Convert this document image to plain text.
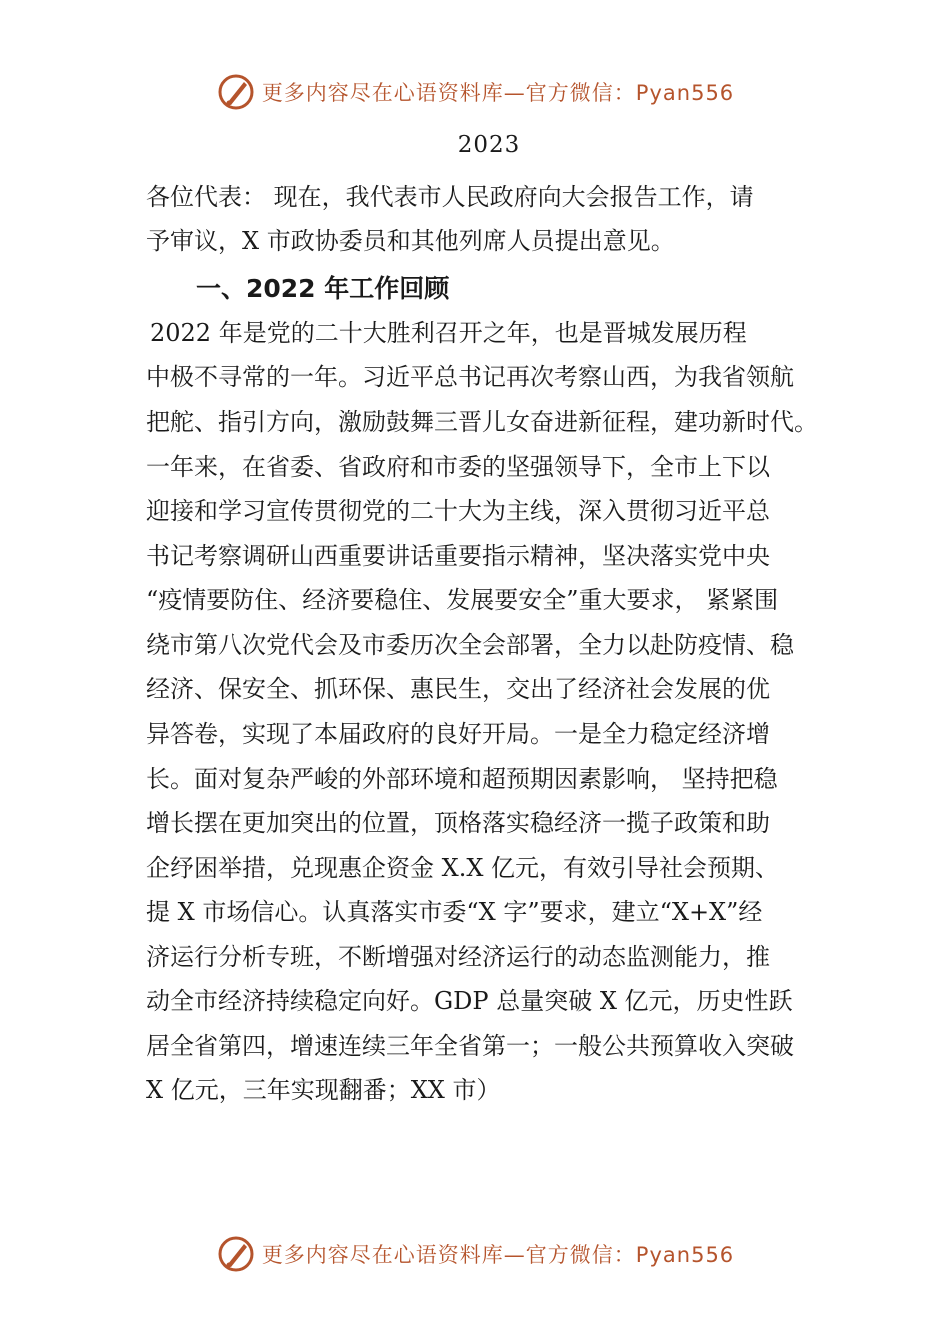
更多内容尽在心语资料库—官方微信：Pyan556
2023
各位代表： 现在，我代表市人民政府向大会报告工作，请
予审议，X 市政协委员和其他列席人员提出意见。
一、2022 年工作回顾
2022 年是党的二十大胜利召开之年，也是晋城发展历程
中极不寻常的一年。习近平总书记再次考察山西，为我省领航
把舵、指引方向，激励鼓舞三晋儿女奋进新征程，建功新时代。
一年来，在省委、省政府和市委的坚强领导下，全市上下以
迎接和学习宣传贯彻党的二十大为主线，深入贯彻习近平总
书记考察调研山西重要讲话重要指示精神，坚决落实党中央
“疫情要防住、经济要稳住、发展要安全”重大要求， 紧紧围
绕市第八次党代会及市委历次全会部署，全力以赴防疫情、稳
经济、保安全、抓环保、惠民生，交出了经济社会发展的优
异答卷，实现了本届政府的良好开局。一是全力稳定经济增
长。面对复杂严峻的外部环境和超预期因素影响， 坚持把稳
增长摆在更加突出的位置，顶格落实稳经济一揽子政策和助
企纾困举措，兑现惠企资金 X.X 亿元，有效引导社会预期、
提 X 市场信心。认真落实市委“X 字”要求，建立“X+X”经
济运行分析专班，不断增强对经济运行的动态监测能力，推
动全市经济持续稳定向好。GDP 总量突破 X 亿元，历史性跃
居全省第四，增速连续三年全省第一；一般公共预算收入突破
X 亿元，三年实现翻番；XX 市）
更多内容尽在心语资料库—官方微信：Pyan556
